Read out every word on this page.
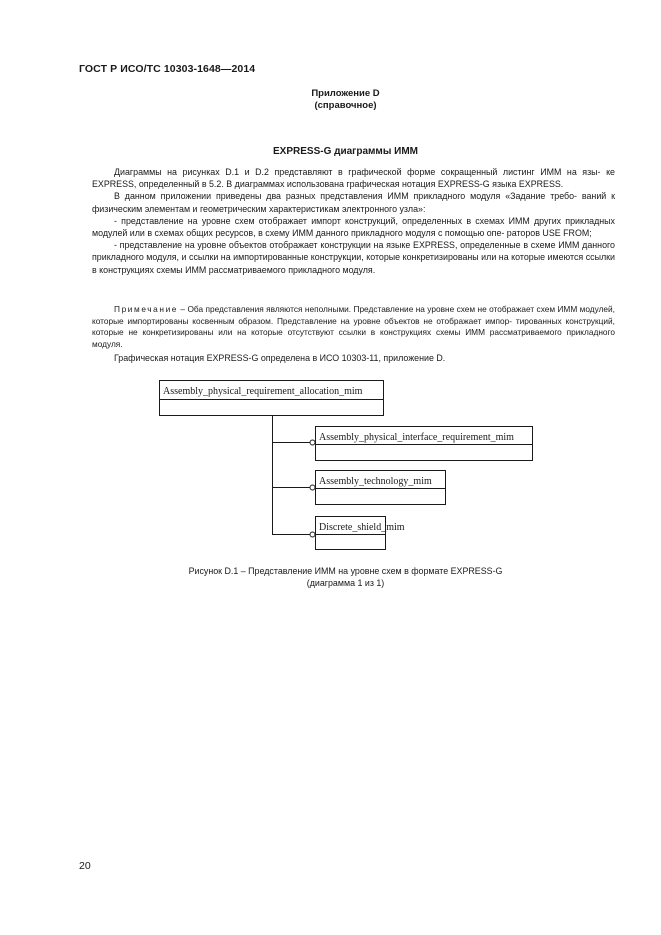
ГОСТ Р ИСО/ТС 10303-1648—2014
Приложение D
(справочное)
EXPRESS-G диаграммы ИММ

Диаграммы на рисунках D.1 и D.2 представляют в графической форме сокращенный листинг ИММ на язы- ке EXPRESS, определенный в 5.2. В диаграммах использована графическая нотация EXPRESS-G языка EXPRESS.

В данном приложении приведены два разных представления ИММ прикладного модуля «Задание требо- ваний к физическим элементам и геометрическим характеристикам электронного узла»:

- представление на уровне схем отображает импорт конструкций, определенных в схемах ИММ других прикладных модулей или в схемах общих ресурсов, в схему ИММ данного прикладного модуля с помощью опе- раторов USE FROM;

- представление на уровне объектов отображает конструкции на языке EXPRESS, определенные в схеме ИММ данного прикладного модуля, и ссылки на импортированные конструкции, которые конкретизированы или на которые имеются ссылки в конструкциях схемы ИММ рассматриваемого прикладного модуля.

Примечание – Оба представления являются неполными. Представление на уровне схем не отображает схем ИММ модулей, которые импортированы косвенным образом. Представление на уровне объектов не отображает импор- тированных конструкций, которые не конкретизированы или на которые отсутствуют ссылки в конструкциях схемы ИММ рассматриваемого прикладного модуля.

Графическая нотация EXPRESS-G определена в ИСО 10303-11, приложение D.
Assembly_physical_requirement_allocation_mim
Assembly_physical_interface_requirement_mim
Assembly_technology_mim
Discrete_shield_mim
Рисунок D.1 – Представление ИММ на уровне схем в формате EXPRESS-G
(диаграмма 1 из 1)
20
